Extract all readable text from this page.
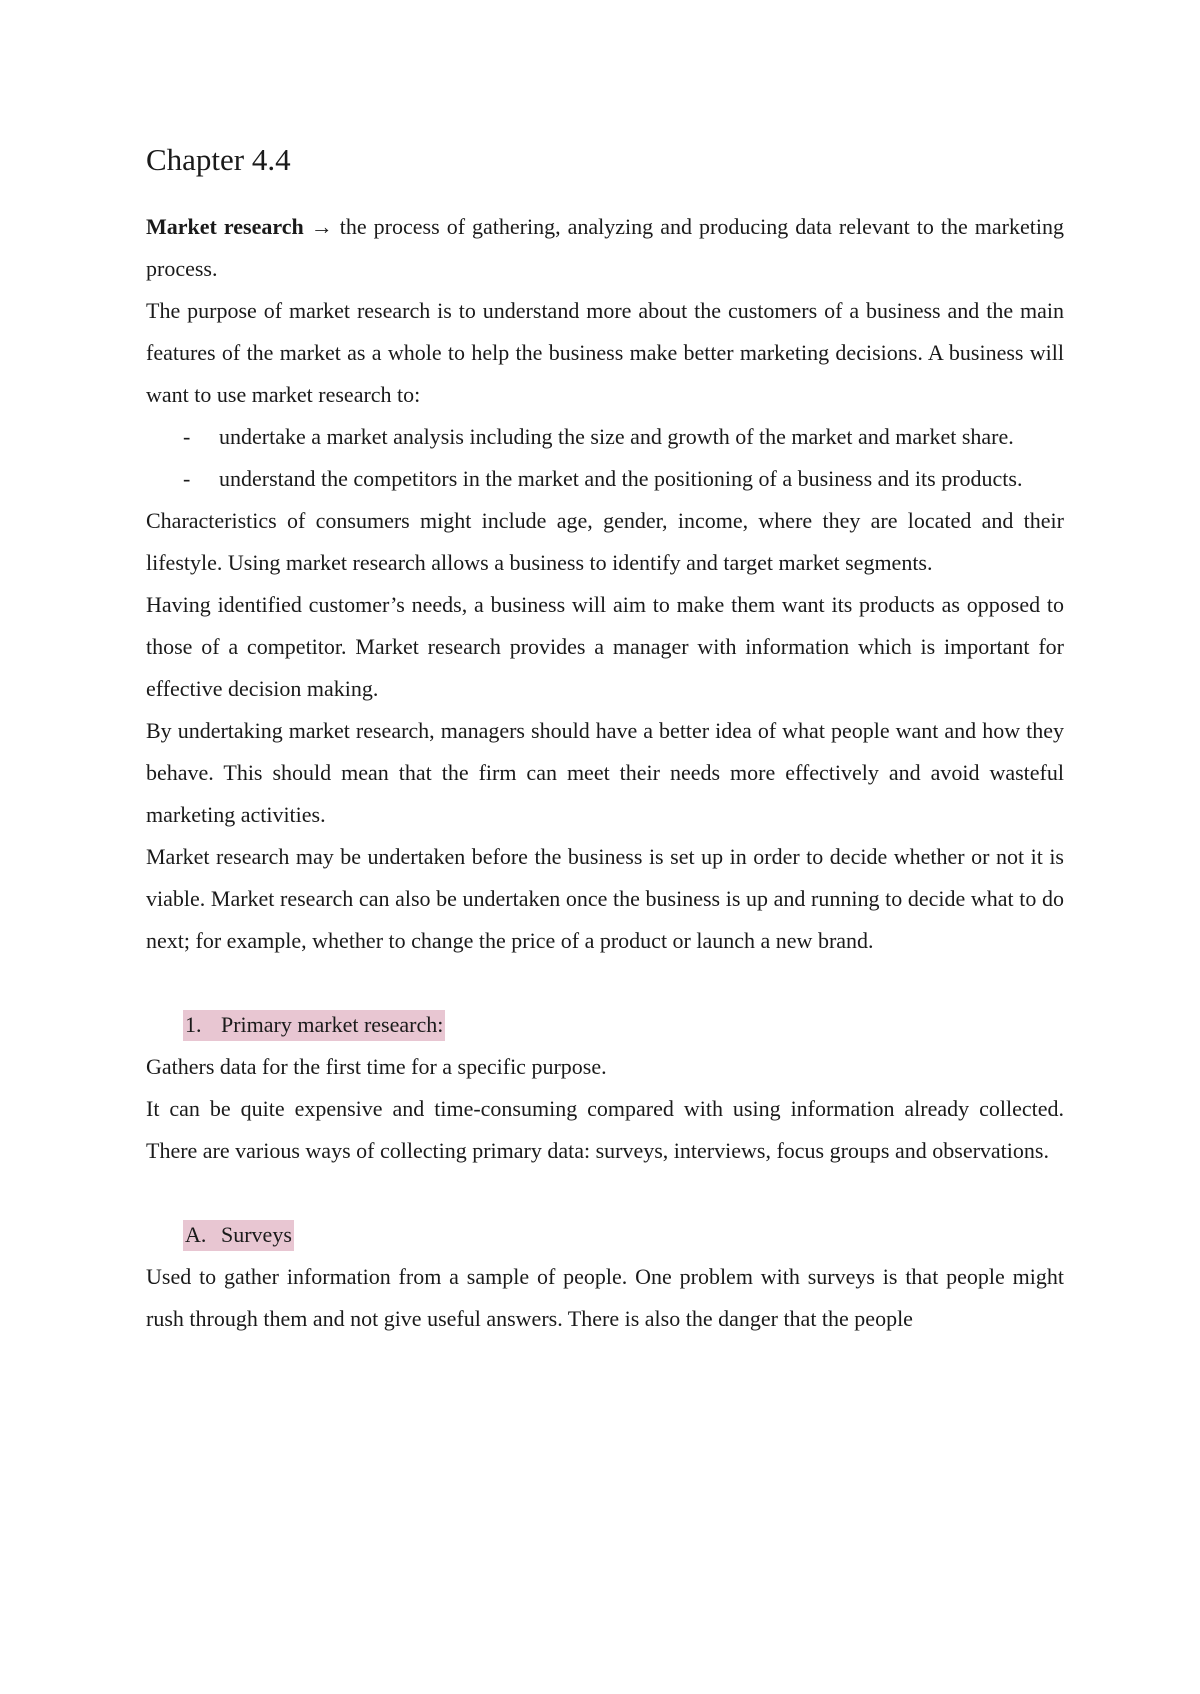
Chapter 4.4

Market research → the process of gathering, analyzing and producing data relevant to the marketing process.

The purpose of market research is to understand more about the customers of a business and the main features of the market as a whole to help the business make better marketing decisions. A business will want to use market research to:

- undertake a market analysis including the size and growth of the market and market share.
- understand the competitors in the market and the positioning of a business and its products.

Characteristics of consumers might include age, gender, income, where they are located and their lifestyle. Using market research allows a business to identify and target market segments.

Having identified customer’s needs, a business will aim to make them want its products as opposed to those of a competitor. Market research provides a manager with information which is important for effective decision making.

By undertaking market research, managers should have a better idea of what people want and how they behave. This should mean that the firm can meet their needs more effectively and avoid wasteful marketing activities.

Market research may be undertaken before the business is set up in order to decide whether or not it is viable. Market research can also be undertaken once the business is up and running to decide what to do next; for example, whether to change the price of a product or launch a new brand.

1. Primary market research:

Gathers data for the first time for a specific purpose.

It can be quite expensive and time-consuming compared with using information already collected. There are various ways of collecting primary data: surveys, interviews, focus groups and observations.

A. Surveys

Used to gather information from a sample of people. One problem with surveys is that people might rush through them and not give useful answers. There is also the danger that the people
